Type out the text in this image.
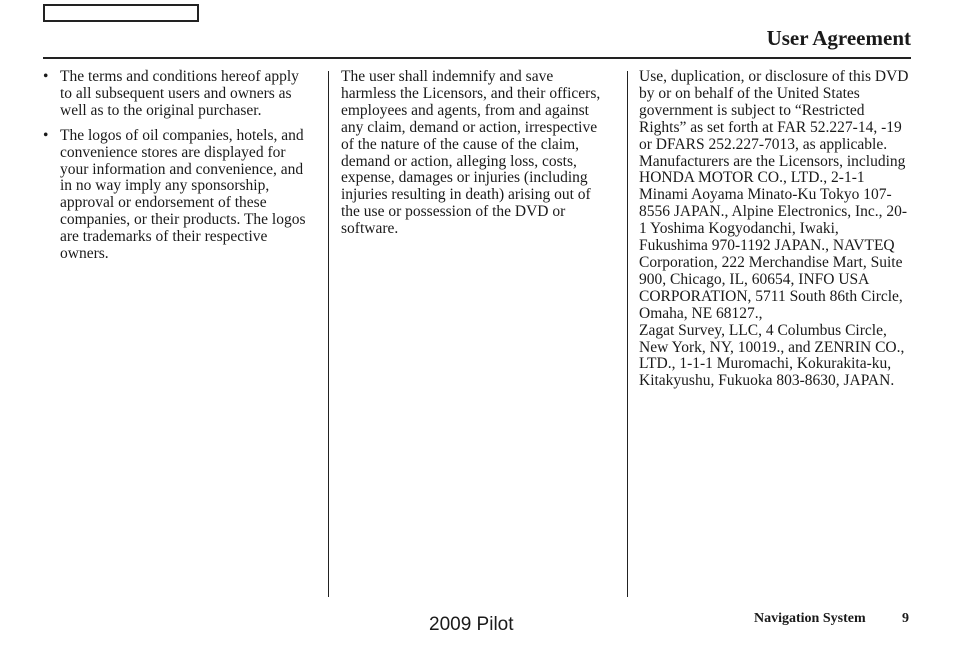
User Agreement
• The terms and conditions hereof apply to all subsequent users and owners as well as to the original purchaser.
• The logos of oil companies, hotels, and convenience stores are displayed for your information and convenience, and in no way imply any sponsorship, approval or endorsement of these companies, or their products. The logos are trademarks of their respective owners.

The user shall indemnify and save harmless the Licensors, and their officers, employees and agents, from and against any claim, demand or action, irrespective of the nature of the cause of the claim, demand or action, alleging loss, costs, expense, damages or injuries (including injuries resulting in death) arising out of the use or possession of the DVD or software.

Use, duplication, or disclosure of this DVD by or on behalf of the United States government is subject to “Restricted Rights” as set forth at FAR 52.227-14, -19 or DFARS 252.227-7013, as applicable. Manufacturers are the Licensors, including HONDA MOTOR CO., LTD., 2-1-1 Minami Aoyama Minato-Ku Tokyo 107-8556 JAPAN., Alpine Electronics, Inc., 20-1 Yoshima Kogyodanchi, Iwaki, Fukushima 970-1192 JAPAN., NAVTEQ Corporation, 222 Merchandise Mart, Suite 900, Chicago, IL, 60654, INFO USA CORPORATION, 5711 South 86th Circle, Omaha, NE 68127.,

Zagat Survey, LLC, 4 Columbus Circle, New York, NY, 10019., and ZENRIN CO., LTD., 1-1-1 Muromachi, Kokurakita-ku, Kitakyushu, Fukuoka 803-8630, JAPAN.

2009 Pilot	Navigation System	9
